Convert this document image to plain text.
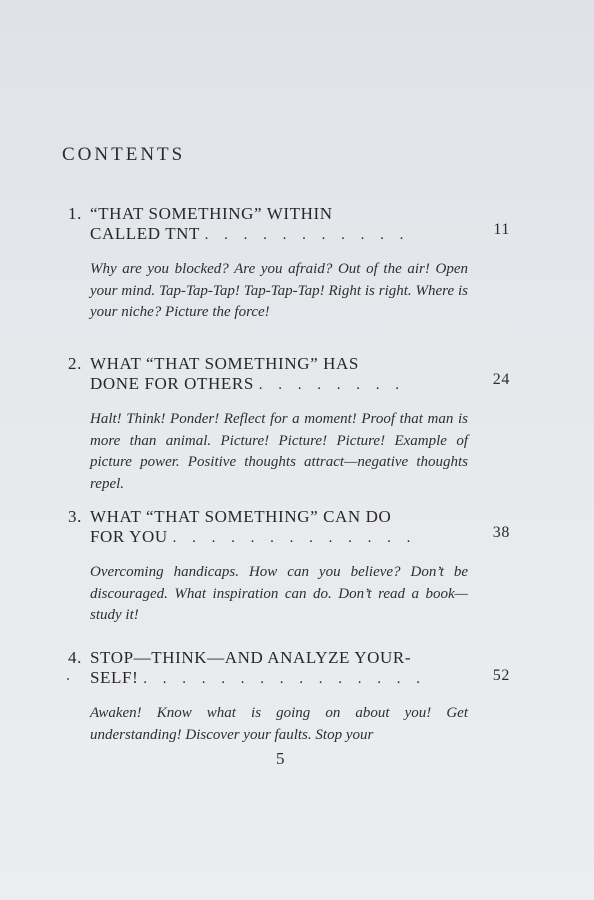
CONTENTS
1. “THAT SOMETHING” WITHIN
CALLED TNT . . . . . . . . . . .	11
Why are you blocked? Are you afraid? Out of the air! Open your mind. Tap-Tap-Tap! Tap-Tap-Tap! Right is right. Where is your niche? Picture the force!
2. WHAT “THAT SOMETHING” HAS
DONE FOR OTHERS . . . . . . . .	24
Halt! Think! Ponder! Reflect for a moment! Proof that man is more than animal. Picture! Picture! Picture! Example of picture power. Positive thoughts attract—negative thoughts repel.
3. WHAT “THAT SOMETHING” CAN DO
FOR YOU . . . . . . . . . . . . .	38
Overcoming handicaps. How can you believe? Don’t be discouraged. What inspiration can do. Don’t read a book—study it!
4. STOP—THINK—AND ANALYZE YOUR-
SELF! . . . . . . . . . . . . . . .	52
Awaken! Know what is going on about you! Get understanding! Discover your faults. Stop your
5
